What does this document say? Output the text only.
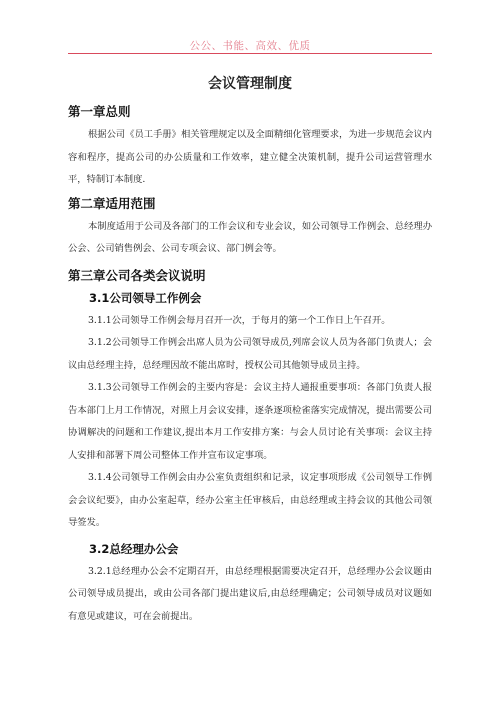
公公、书能、高效、优质
会议管理制度
第一章总则

根据公司《员工手册》相关管理规定以及全面精细化管理要求，为进一步规范会议内容和程序，提高公司的办公质量和工作效率，建立健全决策机制，提升公司运营管理水平，特制订本制度.

第二章适用范围

本制度适用于公司及各部门的工作会议和专业会议，如公司领导工作例会、总经理办公会、公司销售例会、公司专项会议、部门例会等。

第三章公司各类会议说明
3.1公司领导工作例会

3.1.1公司领导工作例会每月召开一次，于每月的第一个工作日上午召开。

3.1.2公司领导工作例会出席人员为公司领导成员,列席会议人员为各部门负责人；会议由总经理主持，总经理因故不能出席时，授权公司其他领导成员主持。

3.1.3公司领导工作例会的主要内容是：会议主持人通报重要事项：各部门负责人报告本部门上月工作情况，对照上月会议安排，逐条逐项检雀落实完成情况，提出需要公司协调解决的问题和工作建议,提出本月工作安排方案：与会人员讨论有关事项：会议主持人安排和部署下周公司整体工作并宣布议定事项。

3.1.4公司领导工作例会由办公室负责组织和记录，议定事项形成《公司领导工作例会会议纪要》，由办公室起草，经办公室主任审核后，由总经理或主持会议的其他公司领导签发。

3.2总经理办公会

3.2.1总经理办公会不定期召开，由总经理根据需要决定召开，总经理办公会议题由公司领导成员提出，或由公司各部门提出建议后,由总经理确定；公司领导成员对议题如有意见或建议，可在会前提出。
